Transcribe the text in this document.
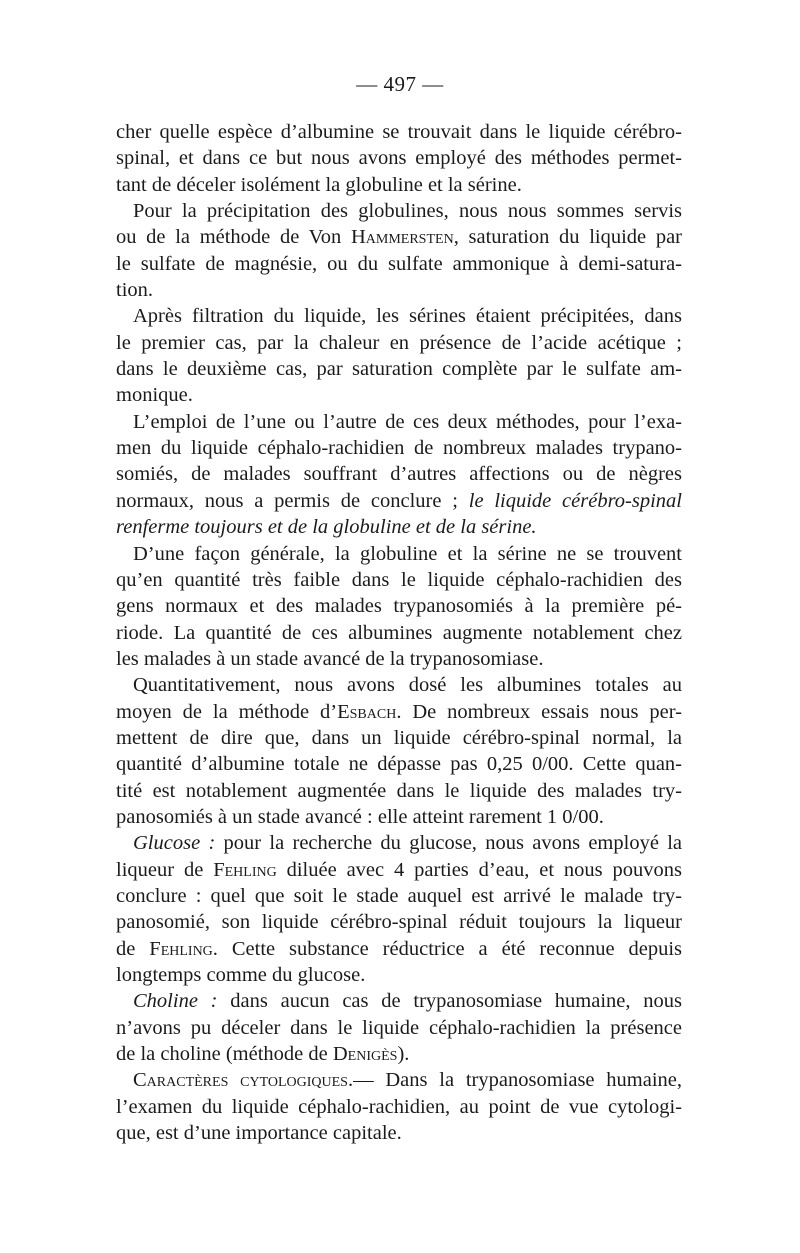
— 497 —
cher quelle espèce d’albumine se trouvait dans le liquide cérébro-
spinal, et dans ce but nous avons employé des méthodes permet-
tant de déceler isolément la globuline et la sérine.
Pour la précipitation des globulines, nous nous sommes servis
ou de la méthode de Von Hammersten, saturation du liquide par
le sulfate de magnésie, ou du sulfate ammonique à demi-satura-
tion.
Après filtration du liquide, les sérines étaient précipitées, dans
le premier cas, par la chaleur en présence de l’acide acétique ;
dans le deuxième cas, par saturation complète par le sulfate am-
monique.
L’emploi de l’une ou l’autre de ces deux méthodes, pour l’exa-
men du liquide céphalo-rachidien de nombreux malades trypano-
somiés, de malades souffrant d’autres affections ou de nègres
normaux, nous a permis de conclure ; le liquide cérébro-spinal
renferme toujours et de la globuline et de la sérine.
D’une façon générale, la globuline et la sérine ne se trouvent
qu’en quantité très faible dans le liquide céphalo-rachidien des
gens normaux et des malades trypanosomiés à la première pé-
riode. La quantité de ces albumines augmente notablement chez
les malades à un stade avancé de la trypanosomiase.
Quantitativement, nous avons dosé les albumines totales au
moyen de la méthode d’Esbach. De nombreux essais nous per-
mettent de dire que, dans un liquide cérébro-spinal normal, la
quantité d’albumine totale ne dépasse pas 0,25 0/00. Cette quan-
tité est notablement augmentée dans le liquide des malades try-
panosomiés à un stade avancé : elle atteint rarement 1 0/00.
Glucose : pour la recherche du glucose, nous avons employé la
liqueur de Fehling diluée avec 4 parties d’eau, et nous pouvons
conclure : quel que soit le stade auquel est arrivé le malade try-
panosomié, son liquide cérébro-spinal réduit toujours la liqueur
de Fehling. Cette substance réductrice a été reconnue depuis
longtemps comme du glucose.
Choline : dans aucun cas de trypanosomiase humaine, nous
n’avons pu déceler dans le liquide céphalo-rachidien la présence
de la choline (méthode de Denigès).
Caractères cytologiques.— Dans la trypanosomiase humaine,
l’examen du liquide céphalo-rachidien, au point de vue cytologi-
que, est d’une importance capitale.
